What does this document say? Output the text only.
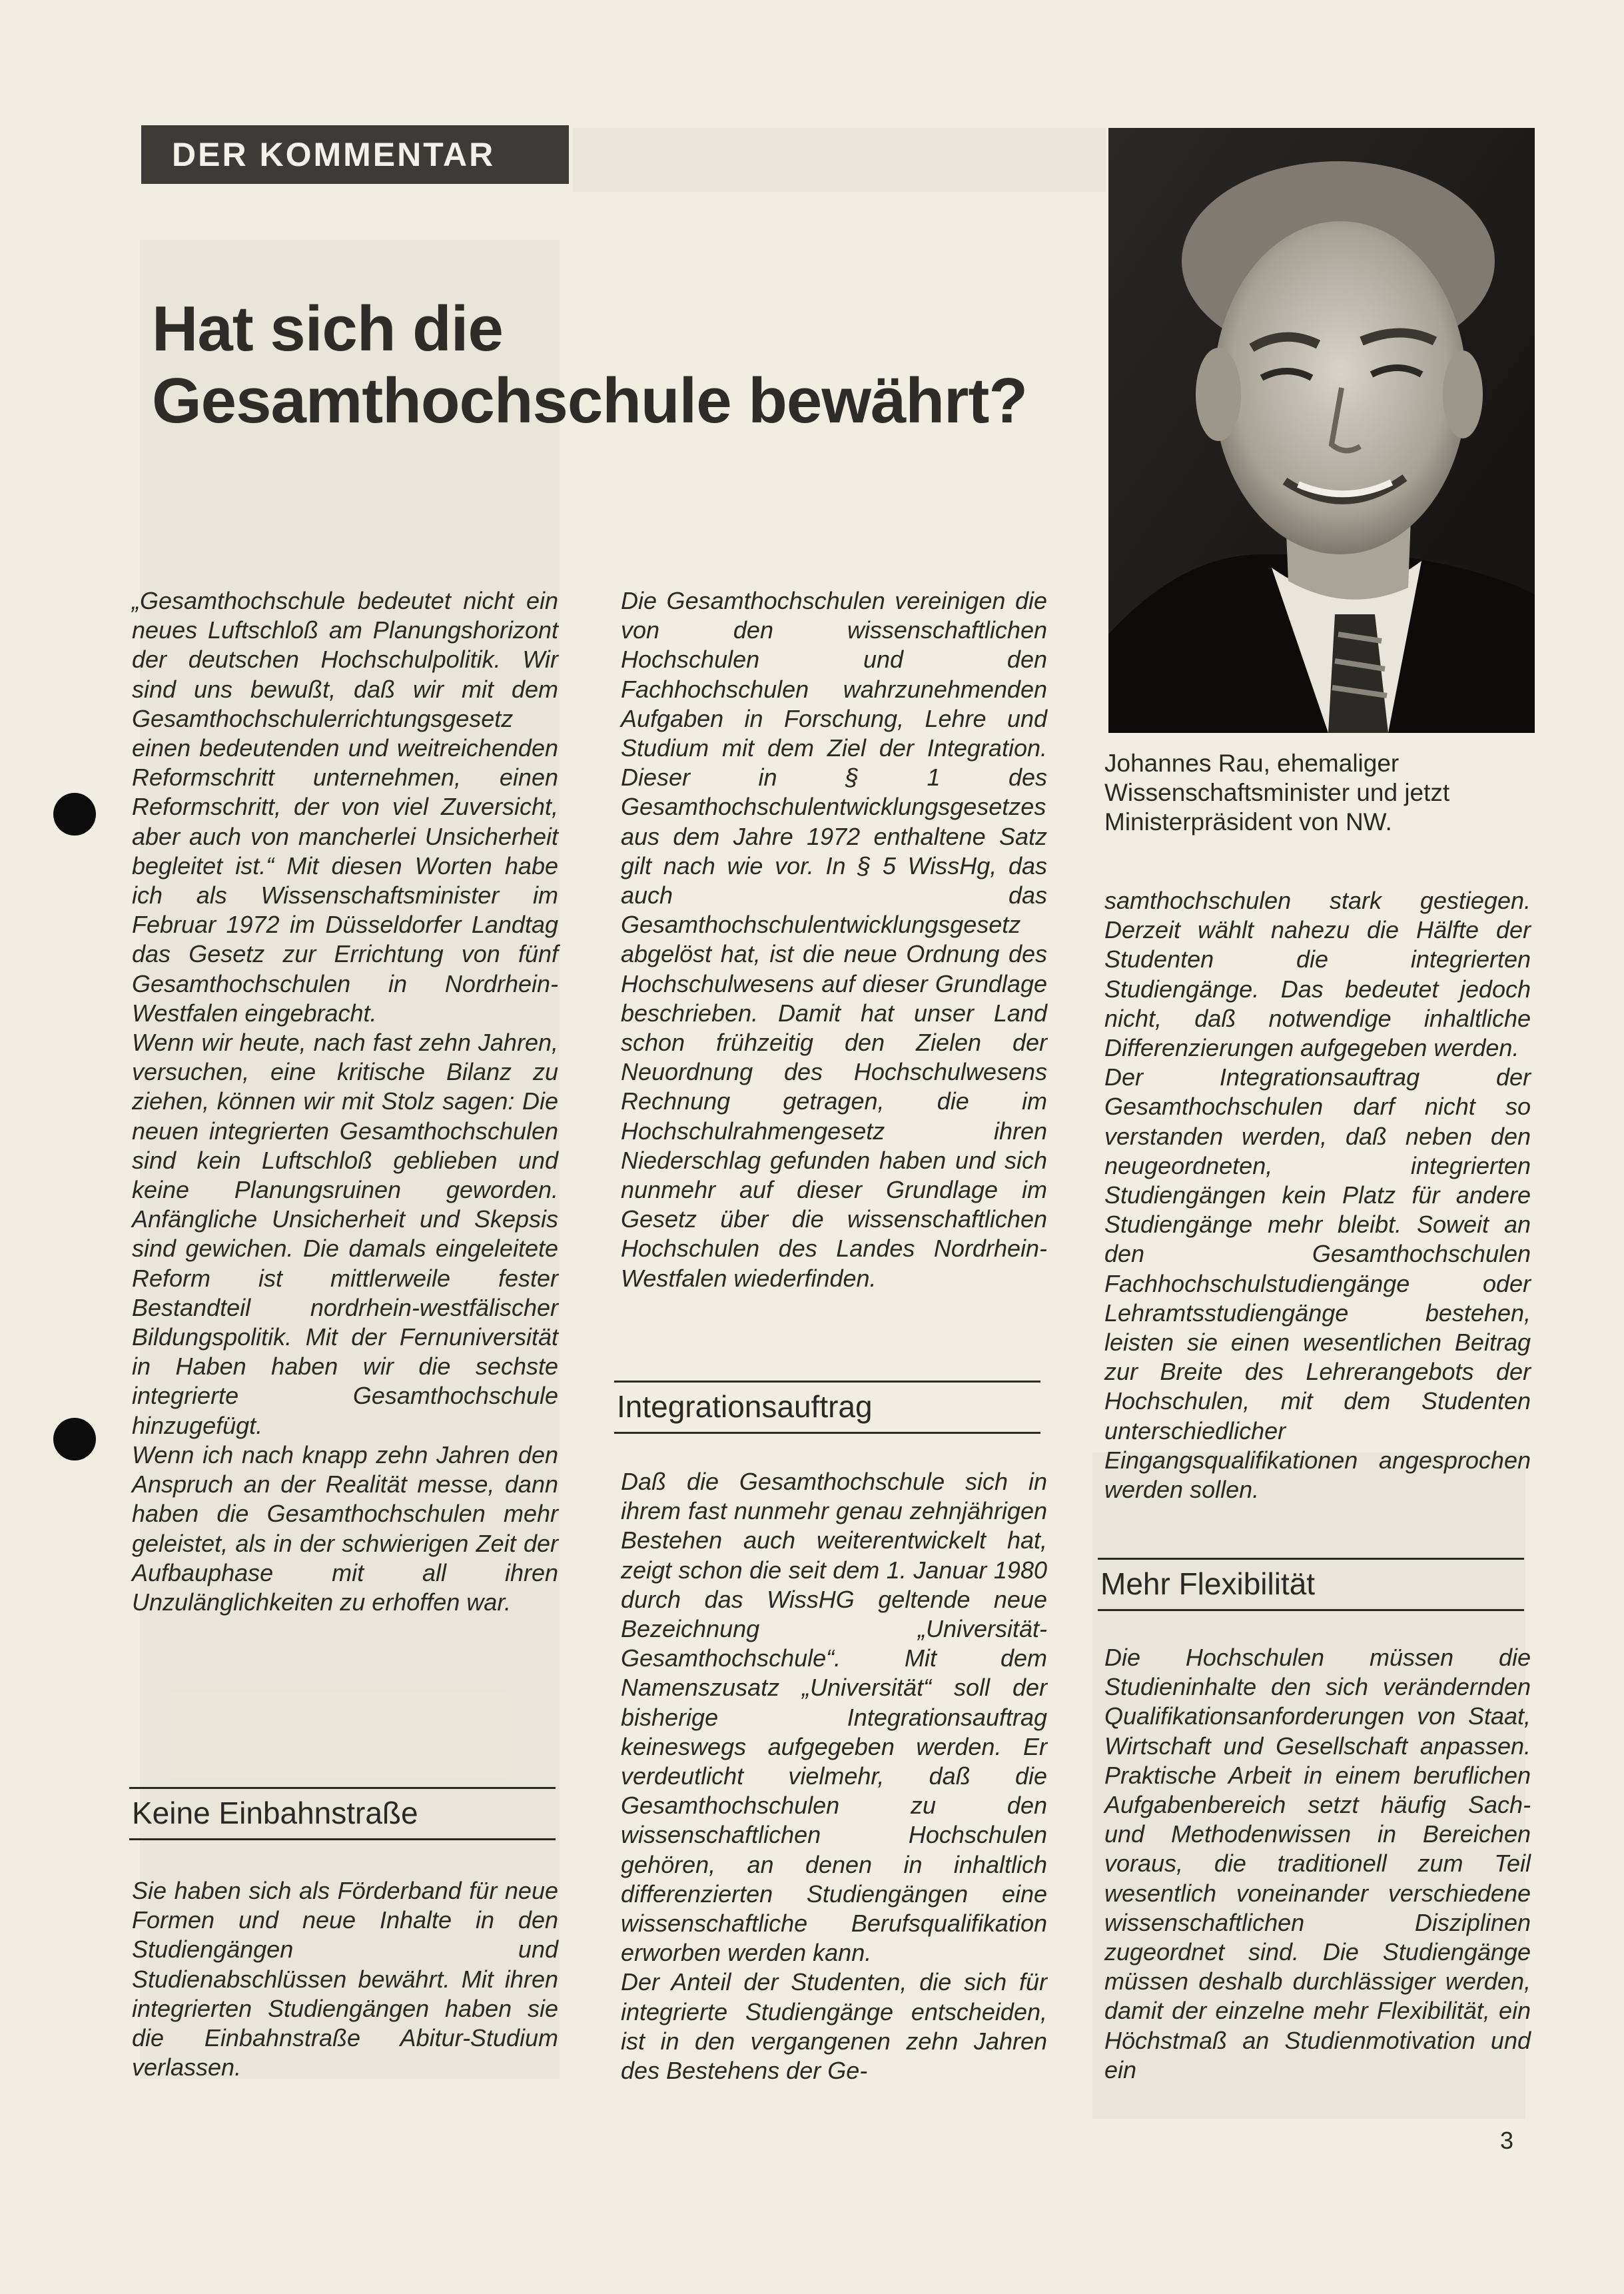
DER KOMMENTAR
Hat sich die
Gesamthochschule bewährt?
Johannes Rau, ehemaliger Wissenschaftsminister und jetzt Ministerpräsident von NW.

„Gesamthochschule bedeutet nicht ein neues Luftschloß am Planungshorizont der deutschen Hochschulpolitik. Wir sind uns bewußt, daß wir mit dem Gesamthochschulerrichtungsgesetz einen bedeutenden und weitreichenden Reformschritt unternehmen, einen Reformschritt, der von viel Zuversicht, aber auch von mancherlei Unsicherheit begleitet ist.“ Mit diesen Worten habe ich als Wissenschaftsminister im Februar 1972 im Düsseldorfer Landtag das Gesetz zur Errichtung von fünf Gesamthochschulen in Nordrhein-Westfalen eingebracht.

Wenn wir heute, nach fast zehn Jahren, versuchen, eine kritische Bilanz zu ziehen, können wir mit Stolz sagen: Die neuen integrierten Gesamthochschulen sind kein Luftschloß geblieben und keine Planungsruinen geworden. Anfängliche Unsicherheit und Skepsis sind gewichen. Die damals eingeleitete Reform ist mittlerweile fester Bestandteil nordrhein-westfälischer Bildungspolitik. Mit der Fernuniversität in Haben haben wir die sechste integrierte Gesamthochschule hinzugefügt.

Wenn ich nach knapp zehn Jahren den Anspruch an der Realität messe, dann haben die Gesamthochschulen mehr geleistet, als in der schwierigen Zeit der Aufbauphase mit all ihren Unzulänglichkeiten zu erhoffen war.

Keine Einbahnstraße

Sie haben sich als Förderband für neue Formen und neue Inhalte in den Studiengängen und Studienabschlüssen bewährt. Mit ihren integrierten Studiengängen haben sie die Einbahnstraße Abitur-Studium verlassen.

Die Gesamthochschulen vereinigen die von den wissenschaftlichen Hochschulen und den Fachhochschulen wahrzunehmenden Aufgaben in Forschung, Lehre und Studium mit dem Ziel der Integration. Dieser in § 1 des Gesamthochschulentwicklungsgesetzes aus dem Jahre 1972 enthaltene Satz gilt nach wie vor. In § 5 WissHg, das auch das Gesamthochschulentwicklungsgesetz abgelöst hat, ist die neue Ordnung des Hochschulwesens auf dieser Grundlage beschrieben. Damit hat unser Land schon frühzeitig den Zielen der Neuordnung des Hochschulwesens Rechnung getragen, die im Hochschulrahmengesetz ihren Niederschlag gefunden haben und sich nunmehr auf dieser Grundlage im Gesetz über die wissenschaftlichen Hochschulen des Landes Nordrhein-Westfalen wiederfinden.

Integrationsauftrag

Daß die Gesamthochschule sich in ihrem fast nunmehr genau zehnjährigen Bestehen auch weiterentwickelt hat, zeigt schon die seit dem 1. Januar 1980 durch das WissHG geltende neue Bezeichnung „Universität-Gesamthochschule“. Mit dem Namenszusatz „Universität“ soll der bisherige Integrationsauftrag keineswegs aufgegeben werden. Er verdeutlicht vielmehr, daß die Gesamthochschulen zu den wissenschaftlichen Hochschulen gehören, an denen in inhaltlich differenzierten Studiengängen eine wissenschaftliche Berufsqualifikation erworben werden kann.

Der Anteil der Studenten, die sich für integrierte Studiengänge entscheiden, ist in den vergangenen zehn Jahren des Bestehens der Ge-

samthochschulen stark gestiegen. Derzeit wählt nahezu die Hälfte der Studenten die integrierten Studiengänge. Das bedeutet jedoch nicht, daß notwendige inhaltliche Differenzierungen aufgegeben werden.

Der Integrationsauftrag der Gesamthochschulen darf nicht so verstanden werden, daß neben den neugeordneten, integrierten Studiengängen kein Platz für andere Studiengänge mehr bleibt. Soweit an den Gesamthochschulen Fachhochschulstudiengänge oder Lehramtsstudiengänge bestehen, leisten sie einen wesentlichen Beitrag zur Breite des Lehrerangebots der Hochschulen, mit dem Studenten unterschiedlicher Eingangsqualifikationen angesprochen werden sollen.

Mehr Flexibilität

Die Hochschulen müssen die Studieninhalte den sich verändernden Qualifikationsanforderungen von Staat, Wirtschaft und Gesellschaft anpassen. Praktische Arbeit in einem beruflichen Aufgabenbereich setzt häufig Sach- und Methodenwissen in Bereichen voraus, die traditionell zum Teil wesentlich voneinander verschiedene wissenschaftlichen Disziplinen zugeordnet sind. Die Studiengänge müssen deshalb durchlässiger werden, damit der einzelne mehr Flexibilität, ein Höchstmaß an Studienmotivation und ein

3
